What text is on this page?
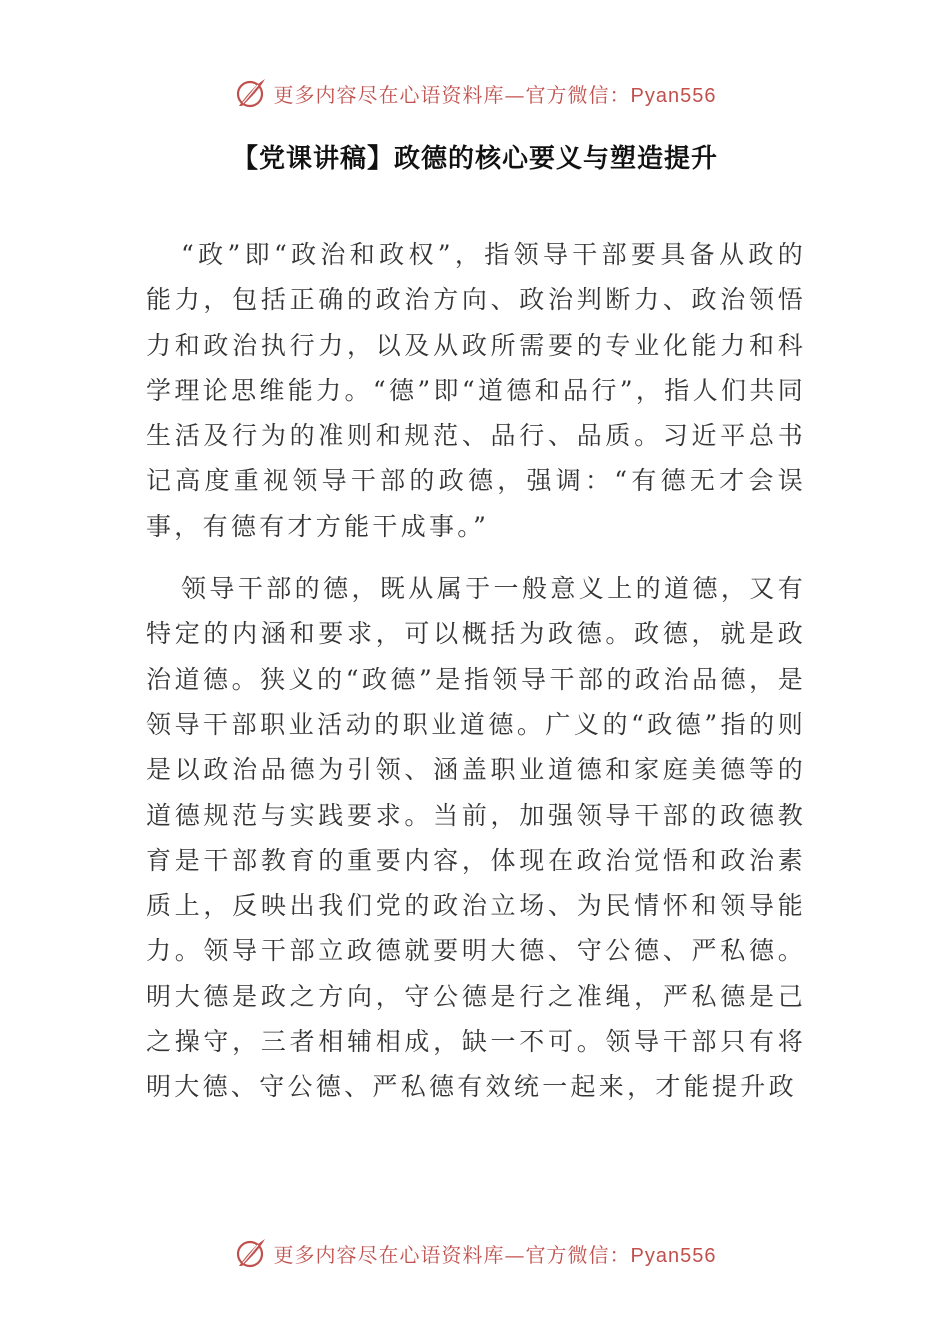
更多内容尽在心语资料库—官方微信：Pyan556
【党课讲稿】政德的核心要义与塑造提升

“政”即“政治和政权”，指领导干部要具备从政的能力，包括正确的政治方向、政治判断力、政治领悟力和政治执行力，以及从政所需要的专业化能力和科学理论思维能力。“德”即“道德和品行”，指人们共同生活及行为的准则和规范、品行、品质。习近平总书记高度重视领导干部的政德，强调：“有德无才会误事，有德有才方能干成事。”

领导干部的德，既从属于一般意义上的道德，又有特定的内涵和要求，可以概括为政德。政德，就是政治道德。狭义的“政德”是指领导干部的政治品德，是领导干部职业活动的职业道德。广义的“政德”指的则是以政治品德为引领、涵盖职业道德和家庭美德等的道德规范与实践要求。当前，加强领导干部的政德教育是干部教育的重要内容，体现在政治觉悟和政治素质上，反映出我们党的政治立场、为民情怀和领导能力。领导干部立政德就要明大德、守公德、严私德。明大德是政之方向，守公德是行之准绳，严私德是己之操守，三者相辅相成，缺一不可。领导干部只有将明大德、守公德、严私德有效统一起来，才能提升政

更多内容尽在心语资料库—官方微信：Pyan556
